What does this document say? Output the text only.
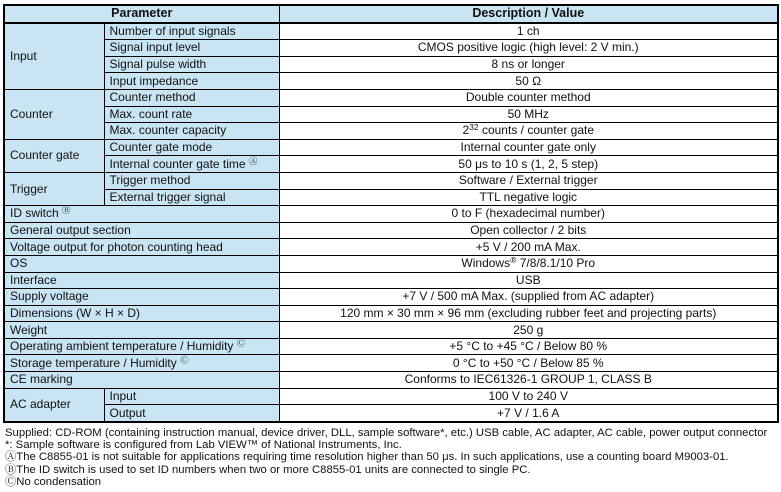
Parameter		Description / Value
Input	Number of input signals	1 ch
	Signal input level	CMOS positive logic (high level: 2 V min.)
	Signal pulse width	8 ns or longer
	Input impedance	50 Ω
Counter	Counter method	Double counter method
	Max. count rate	50 MHz
	Max. counter capacity	$2^{32}$ counts / counter gate
Counter gate	Counter gate mode	Internal counter gate only
	Internal counter gate time Ⓐ	50 μs to 10 s (1, 2, 5 step)
Trigger	Trigger method	Software / External trigger
	External trigger signal	TTL negative logic
ID switch Ⓑ		0 to F (hexadecimal number)
General output section		Open collector / 2 bits
Voltage output for photon counting head		+5 V / 200 mA Max.
OS		Windows® 7/8/8.1/10 Pro
Interface		USB
Supply voltage		+7 V / 500 mA Max. (supplied from AC adapter)
Dimensions (W × H × D)		120 mm × 30 mm × 96 mm (excluding rubber feet and projecting parts)
Weight		250 g
Operating ambient temperature / Humidity Ⓒ		+5 °C to +45 °C / Below 80 %
Storage temperature / Humidity Ⓒ		0 °C to +50 °C / Below 85 %
CE marking		Conforms to IEC61326-1 GROUP 1, CLASS B
AC adapter	Input	100 V to 240 V
	Output	+7 V / 1.6 A
Supplied: CD-ROM (containing instruction manual, device driver, DLL, sample software*, etc.) USB cable, AC adapter, AC cable, power output connector
*: Sample software is configured from Lab VIEW™ of National Instruments, Inc.
ⒶThe C8855-01 is not suitable for applications requiring time resolution higher than 50 μs. In such applications, use a counting board M9003-01.
ⒷThe ID switch is used to set ID numbers when two or more C8855-01 units are connected to single PC.
ⒸNo condensation
